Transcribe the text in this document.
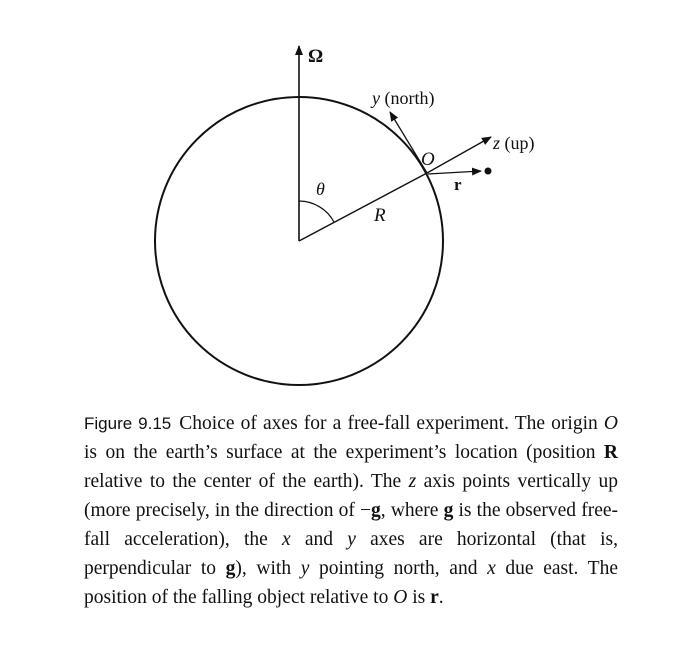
Ω
R
θ
y (north)
z (up)
O
r
Figure 9.15 Choice of axes for a free-fall experiment. The origin O is on the earth’s surface at the experiment’s location (position R relative to the center of the earth). The z axis points vertically up (more precisely, in the direction of −g, where g is the observed free-fall acceleration), the x and y axes are horizontal (that is, perpendicular to g), with y pointing north, and x due east. The position of the falling object relative to O is r.
